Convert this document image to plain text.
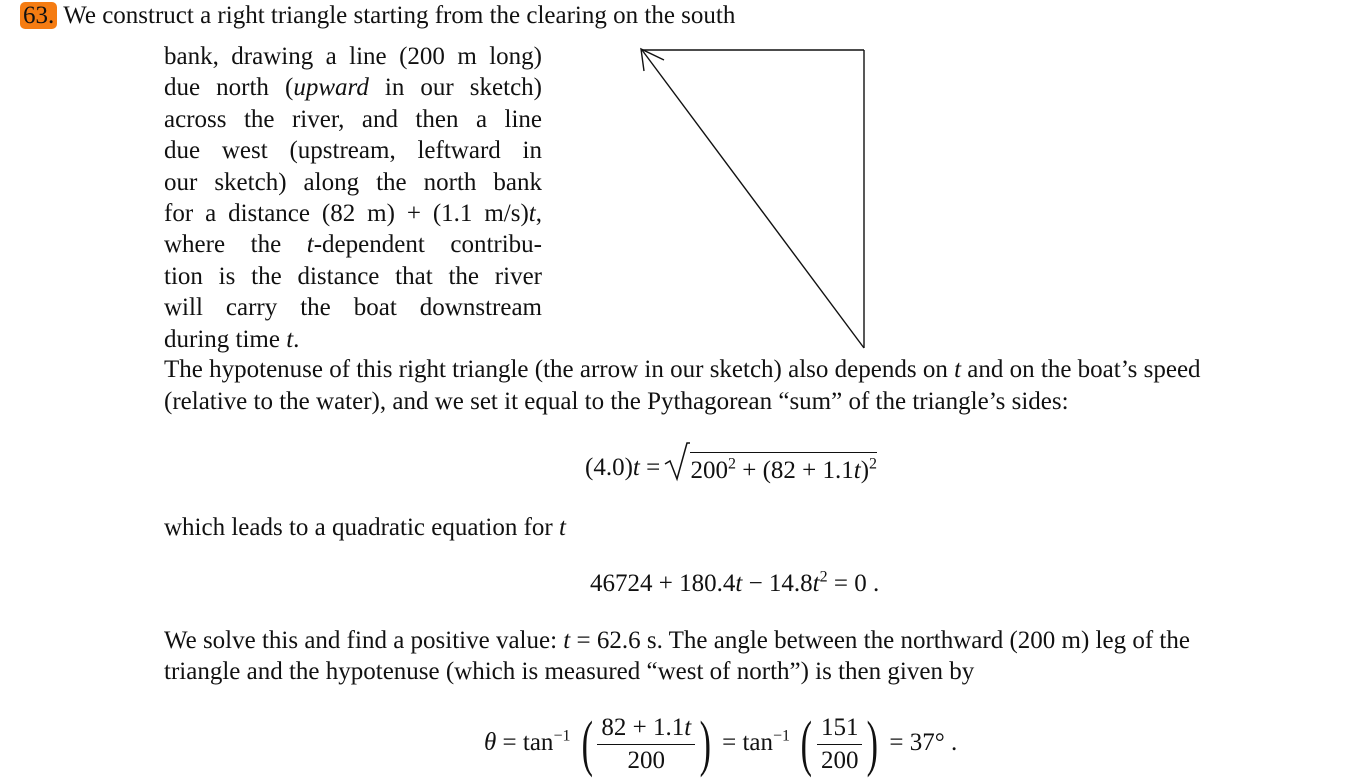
63. We construct a right triangle starting from the clearing on the south
bank, drawing a line (200 m long)
due north (upward in our sketch)
across the river, and then a line
due west (upstream, leftward in
our sketch) along the north bank
for a distance (82 m) + (1.1 m/s)t,
where the t-dependent contribu-
tion is the distance that the river
will carry the boat downstream
during time t.
The hypotenuse of this right triangle (the arrow in our sketch) also depends on t and on the boat’s speed
(relative to the water), and we set it equal to the Pythagorean “sum” of the triangle’s sides:
(4.0)t =
$200^2 + (82 + 1.1t)^2$
which leads to a quadratic equation for t
$46724 + 180.4t - 14.8t^2 = 0$ .
We solve this and find a positive value: t = 62.6 s. The angle between the northward (200 m) leg of the
triangle and the hypotenuse (which is measured “west of north”) is then given by
$\theta = \tan^{-1}$ ( $\frac{82 + 1.1t}{200}$ ) = $\tan^{-1}$ ( $\frac{151}{200}$ ) = 37° .
